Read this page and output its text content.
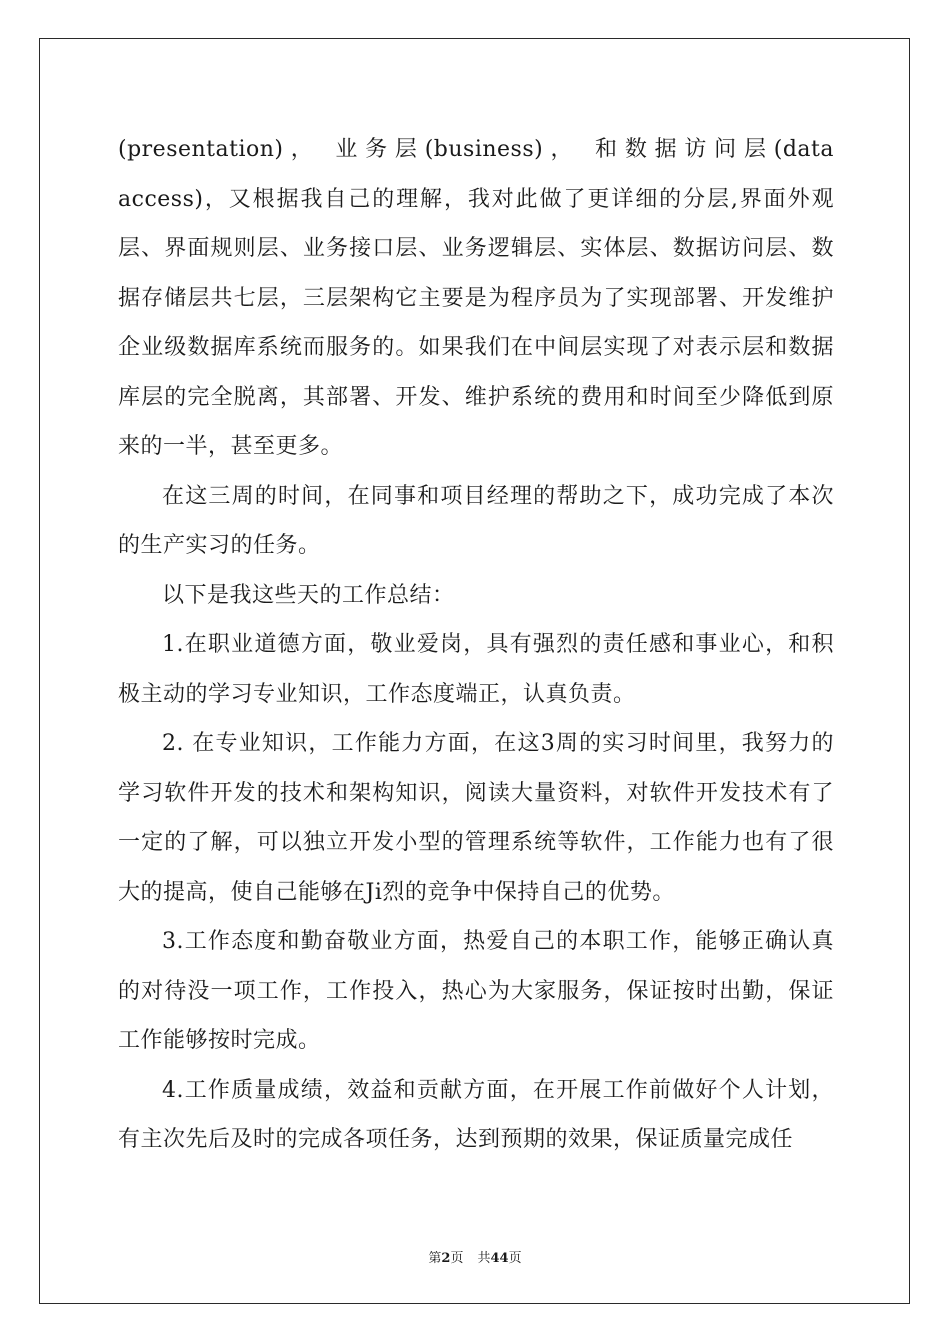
(presentation)， 业务层(business)， 和数据访问层(data access)，又根据我自己的理解，我对此做了更详细的分层,界面外观层、界面规则层、业务接口层、业务逻辑层、实体层、数据访问层、数据存储层共七层，三层架构它主要是为程序员为了实现部署、开发维护企业级数据库系统而服务的。如果我们在中间层实现了对表示层和数据库层的完全脱离，其部署、开发、维护系统的费用和时间至少降低到原来的一半，甚至更多。

在这三周的时间，在同事和项目经理的帮助之下，成功完成了本次的生产实习的任务。

以下是我这些天的工作总结：

1.在职业道德方面，敬业爱岗，具有强烈的责任感和事业心，和积极主动的学习专业知识，工作态度端正，认真负责。

2. 在专业知识，工作能力方面，在这3周的实习时间里，我努力的学习软件开发的技术和架构知识，阅读大量资料，对软件开发技术有了一定的了解，可以独立开发小型的管理系统等软件，工作能力也有了很大的提高，使自己能够在Ji烈的竞争中保持自己的优势。

3.工作态度和勤奋敬业方面，热爱自己的本职工作，能够正确认真的对待没一项工作，工作投入，热心为大家服务，保证按时出勤，保证工作能够按时完成。

4.工作质量成绩，效益和贡献方面，在开展工作前做好个人计划，有主次先后及时的完成各项任务，达到预期的效果，保证质量完成任

第2页 共44页
